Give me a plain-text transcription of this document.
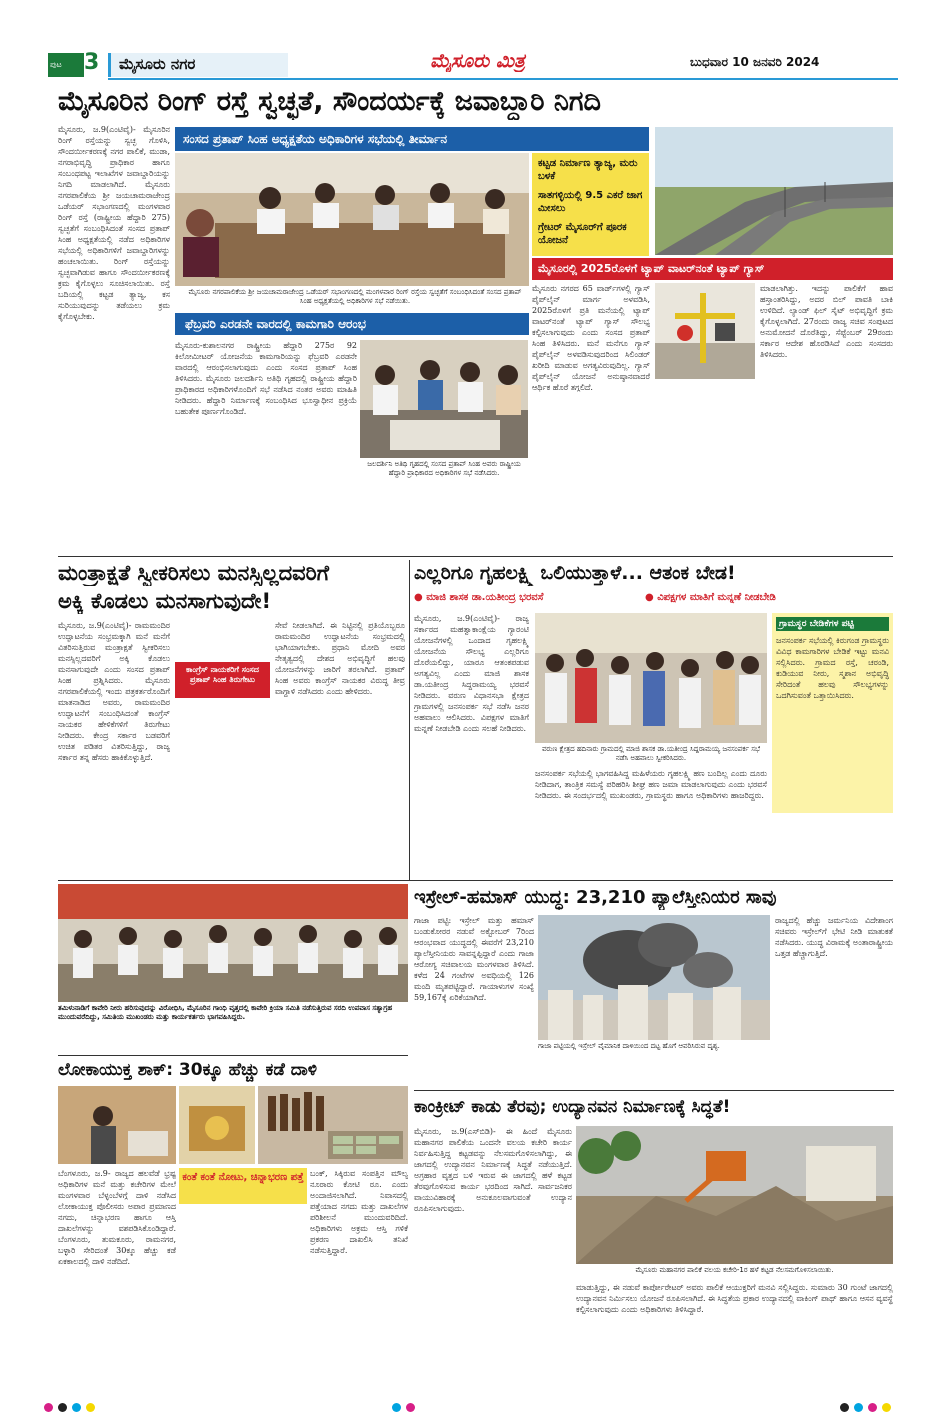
ಪುಟ	3	ಮೈಸೂರು ನಗರ	ಮೈಸೂರು ಮಿತ್ರ	ಬುಧವಾರ 10 ಜನವರಿ 2024
ಮೈಸೂರಿನ ರಿಂಗ್ ರಸ್ತೆ ಸ್ವಚ್ಛತೆ, ಸೌಂದರ್ಯಕ್ಕೆ ಜವಾಬ್ದಾರಿ ನಿಗದಿ
ಮೈಸೂರು, ಜ.9(ಎಂಟಿವೈ)- ಮೈಸೂರಿನ ರಿಂಗ್ ರಸ್ತೆಯನ್ನು ಸ್ವಚ್ಛ ಗೊಳಿಸಿ, ಸೌಂದರ್ಯೀಕರಣಕ್ಕೆ ನಗರ ಪಾಲಿಕೆ, ಮುಡಾ, ನಗರಾಭಿವೃದ್ಧಿ ಪ್ರಾಧಿಕಾರ ಹಾಗೂ ಸಂಬಂಧಪಟ್ಟ ಇಲಾಖೆಗಳ ಜವಾಬ್ದಾರಿಯನ್ನು ನಿಗದಿ ಮಾಡಲಾಗಿದೆ. ಮೈಸೂರು ನಗರಪಾಲಿಕೆಯ ಶ್ರೀ ಜಯಚಾಮರಾಜೇಂದ್ರ ಒಡೆಯರ್ ಸಭಾಂಗಣದಲ್ಲಿ ಮಂಗಳವಾರ ರಿಂಗ್ ರಸ್ತೆ (ರಾಷ್ಟ್ರೀಯ ಹೆದ್ದಾರಿ 275) ಸ್ವಚ್ಛತೆಗೆ ಸಂಬಂಧಿಸಿದಂತೆ ಸಂಸದ ಪ್ರತಾಪ್ ಸಿಂಹ ಅಧ್ಯಕ್ಷತೆಯಲ್ಲಿ ನಡೆದ ಅಧಿಕಾರಿಗಳ ಸಭೆಯಲ್ಲಿ ಅಧಿಕಾರಿಗಳಿಗೆ ಜವಾಬ್ದಾರಿಗಳನ್ನು ಹಂಚಲಾಯಿತು. ರಿಂಗ್ ರಸ್ತೆಯನ್ನು ಸ್ವಚ್ಛವಾಗಿಡುವ ಹಾಗೂ ಸೌಂದರ್ಯೀಕರಣಕ್ಕೆ ಕ್ರಮ ಕೈಗೊಳ್ಳಲು ಸೂಚಿಸಲಾಯಿತು. ರಸ್ತೆ ಬದಿಯಲ್ಲಿ ಕಟ್ಟಡ ತ್ಯಾಜ್ಯ, ಕಸ ಸುರಿಯುವುದನ್ನು ತಡೆಯಲು ಕ್ರಮ ಕೈಗೊಳ್ಳಬೇಕು.
ಸಂಸದ ಪ್ರತಾಪ್ ಸಿಂಹ ಅಧ್ಯಕ್ಷತೆಯ ಅಧಿಕಾರಿಗಳ ಸಭೆಯಲ್ಲಿ ತೀರ್ಮಾನ
ಮೈಸೂರು ನಗರಪಾಲಿಕೆಯ ಶ್ರೀ ಜಯಚಾಮರಾಜೇಂದ್ರ ಒಡೆಯರ್ ಸಭಾಂಗಣದಲ್ಲಿ ಮಂಗಳವಾರ ರಿಂಗ್ ರಸ್ತೆಯ ಸ್ವಚ್ಛತೆಗೆ ಸಂಬಂಧಿಸಿದಂತೆ ಸಂಸದ ಪ್ರತಾಪ್ ಸಿಂಹ ಅಧ್ಯಕ್ಷತೆಯಲ್ಲಿ ಅಧಿಕಾರಿಗಳ ಸಭೆ ನಡೆಯಿತು.
ಕಟ್ಟಡ ನಿರ್ಮಾಣ ತ್ಯಾಜ್ಯ, ಮರು ಬಳಕೆ
ಸಾತಗಳ್ಳಿಯಲ್ಲಿ 9.5 ಎಕರೆ ಜಾಗ ಮೀಸಲು
ಗ್ರೇಟರ್ ಮೈಸೂರ್‌ಗೆ ಪೂರಕ ಯೋಜನೆ
ಮೈಸೂರಲ್ಲಿ 2025ರೊಳಗೆ ಟ್ಯಾಪ್ ವಾಟರ್‌ನಂತೆ ಟ್ಯಾಪ್ ಗ್ಯಾಸ್
ಫೆಬ್ರವರಿ ಎರಡನೇ ವಾರದಲ್ಲಿ ಕಾಮಗಾರಿ ಆರಂಭ
ಮೈಸೂರು-ಕುಶಾಲನಗರ ರಾಷ್ಟ್ರೀಯ ಹೆದ್ದಾರಿ 275ರ 92 ಕಿಲೋಮೀಟರ್ ಯೋಜನೆಯ ಕಾಮಗಾರಿಯನ್ನು ಫೆಬ್ರವರಿ ಎರಡನೇ ವಾರದಲ್ಲಿ ಆರಂಭಿಸಲಾಗುವುದು ಎಂದು ಸಂಸದ ಪ್ರತಾಪ್ ಸಿಂಹ ತಿಳಿಸಿದರು. ಮೈಸೂರು ಜಲದರ್ಶಿನಿ ಅತಿಥಿ ಗೃಹದಲ್ಲಿ ರಾಷ್ಟ್ರೀಯ ಹೆದ್ದಾರಿ ಪ್ರಾಧಿಕಾರದ ಅಧಿಕಾರಿಗಳೊಂದಿಗೆ ಸಭೆ ನಡೆಸಿದ ನಂತರ ಅವರು ಮಾಹಿತಿ ನೀಡಿದರು. ಹೆದ್ದಾರಿ ನಿರ್ಮಾಣಕ್ಕೆ ಸಂಬಂಧಿಸಿದ ಭೂಸ್ವಾಧೀನ ಪ್ರಕ್ರಿಯೆ ಬಹುತೇಕ ಪೂರ್ಣಗೊಂಡಿದೆ.
ಜಲದರ್ಶಿನಿ ಅತಿಥಿ ಗೃಹದಲ್ಲಿ ಸಂಸದ ಪ್ರತಾಪ್ ಸಿಂಹ ಅವರು ರಾಷ್ಟ್ರೀಯ ಹೆದ್ದಾರಿ ಪ್ರಾಧಿಕಾರದ ಅಧಿಕಾರಿಗಳ ಸಭೆ ನಡೆಸಿದರು.
ಮೈಸೂರು ನಗರದ 65 ವಾರ್ಡ್‌ಗಳಲ್ಲಿ ಗ್ಯಾಸ್ ಪೈಪ್‌ಲೈನ್ ಮಾರ್ಗ ಅಳವಡಿಸಿ, 2025ರೊಳಗೆ ಪ್ರತಿ ಮನೆಯಲ್ಲಿ ಟ್ಯಾಪ್ ವಾಟರ್‌ನಂತೆ ಟ್ಯಾಪ್ ಗ್ಯಾಸ್ ಸೌಲಭ್ಯ ಕಲ್ಪಿಸಲಾಗುವುದು ಎಂದು ಸಂಸದ ಪ್ರತಾಪ್ ಸಿಂಹ ತಿಳಿಸಿದರು. ಮನೆ ಮನೆಗೂ ಗ್ಯಾಸ್ ಪೈಪ್‌ಲೈನ್ ಅಳವಡಿಸುವುದರಿಂದ ಸಿಲಿಂಡರ್ ಖರೀದಿ ಮಾಡುವ ಅಗತ್ಯವಿರುವುದಿಲ್ಲ. ಗ್ಯಾಸ್ ಪೈಪ್‌ಲೈನ್ ಯೋಜನೆ ಅನುಷ್ಠಾನವಾದರೆ ಆರ್ಥಿಕ ಹೊರೆ ತಗ್ಗಲಿದೆ.
ಮಾಡಲಾಗಿತ್ತು. ಇದನ್ನು ಪಾಲಿಕೆಗೆ ಹಾವ ಹಸ್ತಾಂತರಿಸಿದ್ದು, ಅದರ ಬಿಲ್ ಪಾವತಿ ಬಾಕಿ ಉಳಿದಿದೆ. ಲ್ಯಾಂಡ್ ಫಿಲ್ ಸೈಟ್ ಅಭಿವೃದ್ಧಿಗೆ ಕ್ರಮ ಕೈಗೊಳ್ಳಲಾಗಿದೆ. 27ರಂದು ರಾಜ್ಯ ಸಚಿವ ಸಂಪುಟದ ಅನುಮೋದನೆ ದೊರೆತಿದ್ದು, ಸೆಪ್ಟೆಂಬರ್ 29ರಂದು ಸರ್ಕಾರ ಆದೇಶ ಹೊರಡಿಸಿದೆ ಎಂದು ಸಂಸದರು ತಿಳಿಸಿದರು.
ಮಂತ್ರಾಕ್ಷತೆ ಸ್ವೀಕರಿಸಲು ಮನಸ್ಸಿಲ್ಲದವರಿಗೆ
ಅಕ್ಕಿ ಕೊಡಲು ಮನಸಾಗುವುದೇ!
ಮೈಸೂರು, ಜ.9(ಎಂಟಿವೈ)- ರಾಮಮಂದಿರ ಉದ್ಘಾಟನೆಯ ಸಂಭ್ರಮಕ್ಕಾಗಿ ಮನೆ ಮನೆಗೆ ವಿತರಿಸುತ್ತಿರುವ ಮಂತ್ರಾಕ್ಷತೆ ಸ್ವೀಕರಿಸಲು ಮನಸ್ಸಿಲ್ಲದವರಿಗೆ ಅಕ್ಕಿ ಕೊಡಲು ಮನಸಾಗುವುದೇ ಎಂದು ಸಂಸದ ಪ್ರತಾಪ್ ಸಿಂಹ ಪ್ರಶ್ನಿಸಿದರು. ಮೈಸೂರು ನಗರಪಾಲಿಕೆಯಲ್ಲಿ ಇಂದು ಪತ್ರಕರ್ತರೊಂದಿಗೆ ಮಾತನಾಡಿದ ಅವರು, ರಾಮಮಂದಿರ ಉದ್ಘಾಟನೆಗೆ ಸಂಬಂಧಿಸಿದಂತೆ ಕಾಂಗ್ರೆಸ್ ನಾಯಕರ ಹೇಳಿಕೆಗಳಿಗೆ ತಿರುಗೇಟು ನೀಡಿದರು. ಕೇಂದ್ರ ಸರ್ಕಾರ ಬಡವರಿಗೆ ಉಚಿತ ಪಡಿತರ ವಿತರಿಸುತ್ತಿದ್ದು, ರಾಜ್ಯ ಸರ್ಕಾರ ತನ್ನ ಹೆಸರು ಹಾಕಿಕೊಳ್ಳುತ್ತಿದೆ.
ಕಾಂಗ್ರೆಸ್ ನಾಯಕರಿಗೆ ಸಂಸದ ಪ್ರತಾಪ್ ಸಿಂಹ ತಿರುಗೇಟು
ಸೇವೆ ನೀಡಲಾಗಿದೆ. ಈ ನಿಟ್ಟಿನಲ್ಲಿ ಪ್ರತಿಯೊಬ್ಬರೂ ರಾಮಮಂದಿರ ಉದ್ಘಾಟನೆಯ ಸಂಭ್ರಮದಲ್ಲಿ ಭಾಗಿಯಾಗಬೇಕು. ಪ್ರಧಾನಿ ಮೋದಿ ಅವರ ನೇತೃತ್ವದಲ್ಲಿ ದೇಶದ ಅಭಿವೃದ್ಧಿಗೆ ಹಲವು ಯೋಜನೆಗಳನ್ನು ಜಾರಿಗೆ ತರಲಾಗಿದೆ. ಪ್ರತಾಪ್ ಸಿಂಹ ಅವರು ಕಾಂಗ್ರೆಸ್ ನಾಯಕರ ವಿರುದ್ಧ ತೀವ್ರ ವಾಗ್ದಾಳಿ ನಡೆಸಿದರು ಎಂದು ಹೇಳಿದರು.
ಎಲ್ಲರಿಗೂ ಗೃಹಲಕ್ಷ್ಮಿ ಒಲಿಯುತ್ತಾಳೆ... ಆತಂಕ ಬೇಡ!
● ಮಾಜಿ ಶಾಸಕ ಡಾ.ಯತೀಂದ್ರ ಭರವಸೆ	● ವಿಪಕ್ಷಗಳ ಮಾತಿಗೆ ಮನ್ನಣೆ ನೀಡಬೇಡಿ
ಮೈಸೂರು, ಜ.9(ಎಂಟಿವೈ)- ರಾಜ್ಯ ಸರ್ಕಾರದ ಮಹತ್ವಾಕಾಂಕ್ಷೆಯ ಗ್ಯಾರಂಟಿ ಯೋಜನೆಗಳಲ್ಲಿ ಒಂದಾದ ಗೃಹಲಕ್ಷ್ಮಿ ಯೋಜನೆಯ ಸೌಲಭ್ಯ ಎಲ್ಲರಿಗೂ ದೊರೆಯಲಿದ್ದು, ಯಾರೂ ಆತಂಕಪಡುವ ಅಗತ್ಯವಿಲ್ಲ ಎಂದು ಮಾಜಿ ಶಾಸಕ ಡಾ.ಯತೀಂದ್ರ ಸಿದ್ದರಾಮಯ್ಯ ಭರವಸೆ ನೀಡಿದರು. ವರುಣ ವಿಧಾನಸಭಾ ಕ್ಷೇತ್ರದ ಗ್ರಾಮಗಳಲ್ಲಿ ಜನಸಂಪರ್ಕ ಸಭೆ ನಡೆಸಿ ಜನರ ಅಹವಾಲು ಆಲಿಸಿದರು. ವಿಪಕ್ಷಗಳ ಮಾತಿಗೆ ಮನ್ನಣೆ ನೀಡಬೇಡಿ ಎಂದು ಸಲಹೆ ನೀಡಿದರು.
ವರುಣ ಕ್ಷೇತ್ರದ ಹದಿನಾರು ಗ್ರಾಮದಲ್ಲಿ ಮಾಜಿ ಶಾಸಕ ಡಾ.ಯತೀಂದ್ರ ಸಿದ್ದರಾಮಯ್ಯ ಜನಸಂಪರ್ಕ ಸಭೆ ನಡೆಸಿ ಅಹವಾಲು ಸ್ವೀಕರಿಸಿದರು.
ಜನಸಂಪರ್ಕ ಸಭೆಯಲ್ಲಿ ಭಾಗವಹಿಸಿದ್ದ ಮಹಿಳೆಯರು ಗೃಹಲಕ್ಷ್ಮಿ ಹಣ ಬಂದಿಲ್ಲ ಎಂದು ದೂರು ನೀಡಿದಾಗ, ತಾಂತ್ರಿಕ ಸಮಸ್ಯೆ ಪರಿಹರಿಸಿ ಶೀಘ್ರ ಹಣ ಜಮಾ ಮಾಡಲಾಗುವುದು ಎಂದು ಭರವಸೆ ನೀಡಿದರು. ಈ ಸಂದರ್ಭದಲ್ಲಿ ಮುಖಂಡರು, ಗ್ರಾಮಸ್ಥರು ಹಾಗೂ ಅಧಿಕಾರಿಗಳು ಹಾಜರಿದ್ದರು.
ಗ್ರಾಮಸ್ಥರ ಬೇಡಿಕೆಗಳ ಪಟ್ಟಿ
ಜನಸಂಪರ್ಕ ಸಭೆಯಲ್ಲಿ ಕಿರುಗಂಡ ಗ್ರಾಮಸ್ಥರು ವಿವಿಧ ಕಾಮಗಾರಿಗಳ ಬೇಡಿಕೆ ಇಟ್ಟು ಮನವಿ ಸಲ್ಲಿಸಿದರು. ಗ್ರಾಮದ ರಸ್ತೆ, ಚರಂಡಿ, ಕುಡಿಯುವ ನೀರು, ಸ್ಮಶಾನ ಅಭಿವೃದ್ಧಿ ಸೇರಿದಂತೆ ಹಲವು ಸೌಲಭ್ಯಗಳನ್ನು ಒದಗಿಸುವಂತೆ ಒತ್ತಾಯಿಸಿದರು.
ತಮಿಳುನಾಡಿಗೆ ಕಾವೇರಿ ನೀರು ಹರಿಸುವುದನ್ನು ವಿರೋಧಿಸಿ, ಮೈಸೂರಿನ ಗಾಂಧಿ ವೃತ್ತದಲ್ಲಿ ಕಾವೇರಿ ಕ್ರಿಯಾ ಸಮಿತಿ ನಡೆಸುತ್ತಿರುವ ಸರದಿ ಉಪವಾಸ ಸತ್ಯಾಗ್ರಹ ಮುಂದುವರೆದಿದ್ದು, ಸಮಿತಿಯ ಮುಖಂಡರು ಮತ್ತು ಕಾರ್ಯಕರ್ತರು ಭಾಗವಹಿಸಿದ್ದರು.
ಇಸ್ರೇಲ್-ಹಮಾಸ್ ಯುದ್ಧ: 23,210 ಪ್ಯಾಲೆಸ್ತೀನಿಯರ ಸಾವು
ಗಾಜಾ ಪಟ್ಟಿ: ಇಸ್ರೇಲ್ ಮತ್ತು ಹಮಾಸ್ ಬಂಡುಕೋರರ ನಡುವೆ ಅಕ್ಟೋಬರ್ 7ರಿಂದ ಆರಂಭವಾದ ಯುದ್ಧದಲ್ಲಿ ಈವರೆಗೆ 23,210 ಪ್ಯಾಲೆಸ್ತೀನಿಯರು ಸಾವನ್ನಪ್ಪಿದ್ದಾರೆ ಎಂದು ಗಾಜಾ ಆರೋಗ್ಯ ಸಚಿವಾಲಯ ಮಂಗಳವಾರ ತಿಳಿಸಿದೆ. ಕಳೆದ 24 ಗಂಟೆಗಳ ಅವಧಿಯಲ್ಲಿ 126 ಮಂದಿ ಮೃತಪಟ್ಟಿದ್ದಾರೆ. ಗಾಯಾಳುಗಳ ಸಂಖ್ಯೆ 59,167ಕ್ಕೆ ಏರಿಕೆಯಾಗಿದೆ.
ಗಾಜಾ ಪಟ್ಟಿಯಲ್ಲಿ ಇಸ್ರೇಲ್ ವೈಮಾನಿಕ ದಾಳಿಯಿಂದ ದಟ್ಟ ಹೊಗೆ ಆವರಿಸಿರುವ ದೃಶ್ಯ.
ರಾಜ್ಯದಲ್ಲಿ ಹೆಚ್ಚು ಜರ್ಮನಿಯ ವಿದೇಶಾಂಗ ಸಚಿವರು ಇಸ್ರೇಲ್‌ಗೆ ಭೇಟಿ ನೀಡಿ ಮಾತುಕತೆ ನಡೆಸಿದರು. ಯುದ್ಧ ವಿರಾಮಕ್ಕೆ ಅಂತಾರಾಷ್ಟ್ರೀಯ ಒತ್ತಡ ಹೆಚ್ಚಾಗುತ್ತಿದೆ.
ಲೋಕಾಯುಕ್ತ ಶಾಕ್: 30ಕ್ಕೂ ಹೆಚ್ಚು ಕಡೆ ದಾಳಿ
ಬೆಂಗಳೂರು, ಜ.9- ರಾಜ್ಯದ ಹಲವೆಡೆ ಭ್ರಷ್ಟ ಅಧಿಕಾರಿಗಳ ಮನೆ ಮತ್ತು ಕಚೇರಿಗಳ ಮೇಲೆ ಮಂಗಳವಾರ ಬೆಳ್ಳಂಬೆಳಗ್ಗೆ ದಾಳಿ ನಡೆಸಿದ ಲೋಕಾಯುಕ್ತ ಪೊಲೀಸರು ಅಪಾರ ಪ್ರಮಾಣದ ನಗದು, ಚಿನ್ನಾಭರಣ ಹಾಗೂ ಆಸ್ತಿ ದಾಖಲೆಗಳನ್ನು ವಶಪಡಿಸಿಕೊಂಡಿದ್ದಾರೆ. ಬೆಂಗಳೂರು, ತುಮಕೂರು, ರಾಮನಗರ, ಬಳ್ಳಾರಿ ಸೇರಿದಂತೆ 30ಕ್ಕೂ ಹೆಚ್ಚು ಕಡೆ ಏಕಕಾಲದಲ್ಲಿ ದಾಳಿ ನಡೆದಿದೆ.
ಕಂತೆ ಕಂತೆ ನೋಟು, ಚಿನ್ನಾಭರಣ ಪತ್ತೆ ಬಂಕ್, ಸಿಕ್ಕಿರುವ ಸಂಪತ್ತಿನ ಮೌಲ್ಯ ನೂರಾರು ಕೋಟಿ ರೂ. ಎಂದು ಅಂದಾಜಿಸಲಾಗಿದೆ. ನಿವಾಸದಲ್ಲಿ ಪತ್ತೆಯಾದ ನಗದು ಮತ್ತು ದಾಖಲೆಗಳ ಪರಿಶೀಲನೆ ಮುಂದುವರಿದಿದೆ. ಅಧಿಕಾರಿಗಳು ಅಕ್ರಮ ಆಸ್ತಿ ಗಳಿಕೆ ಪ್ರಕರಣ ದಾಖಲಿಸಿ ತನಿಖೆ ನಡೆಸುತ್ತಿದ್ದಾರೆ.
ಕಾಂಕ್ರೀಟ್ ಕಾಡು ತೆರವು; ಉದ್ಯಾನವನ ನಿರ್ಮಾಣಕ್ಕೆ ಸಿದ್ಧತೆ!
ಮೈಸೂರು, ಜ.9(ಎಸ್‌ಬಿಡಿ)- ಈ ಹಿಂದೆ ಮೈಸೂರು ಮಹಾನಗರ ಪಾಲಿಕೆಯ ಒಂದನೇ ವಲಯ ಕಚೇರಿ ಕಾರ್ಯ ನಿರ್ವಹಿಸುತ್ತಿದ್ದ ಕಟ್ಟಡವನ್ನು ನೆಲಸಮಗೊಳಿಸಲಾಗಿದ್ದು, ಈ ಜಾಗದಲ್ಲಿ ಉದ್ಯಾನವನ ನಿರ್ಮಾಣಕ್ಕೆ ಸಿದ್ಧತೆ ನಡೆಯುತ್ತಿದೆ. ಅಗ್ರಹಾರ ವೃತ್ತದ ಬಳಿ ಇರುವ ಈ ಜಾಗದಲ್ಲಿ ಹಳೆ ಕಟ್ಟಡ ತೆರವುಗೊಳಿಸುವ ಕಾರ್ಯ ಭರದಿಂದ ಸಾಗಿದೆ. ಸಾರ್ವಜನಿಕರ ವಾಯುವಿಹಾರಕ್ಕೆ ಅನುಕೂಲವಾಗುವಂತೆ ಉದ್ಯಾನ ರೂಪಿಸಲಾಗುವುದು.
ಮೈಸೂರು ಮಹಾನಗರ ಪಾಲಿಕೆ ವಲಯ ಕಚೇರಿ-1ರ ಹಳೆ ಕಟ್ಟಡ ನೆಲಸಮಗೊಳಿಸಲಾಯಿತು.
ಮಾಡುತ್ತಿದ್ದು, ಈ ನಡುವೆ ಕಾರ್ಪೋರೇಟರ್ ಅವರು ಪಾಲಿಕೆ ಆಯುಕ್ತರಿಗೆ ಮನವಿ ಸಲ್ಲಿಸಿದ್ದರು. ಸುಮಾರು 30 ಗುಂಟೆ ಜಾಗದಲ್ಲಿ ಉದ್ಯಾನವನ ನಿರ್ಮಿಸಲು ಯೋಜನೆ ರೂಪಿಸಲಾಗಿದೆ. ಈ ಸಿದ್ಧತೆಯ ಪ್ರಕಾರ ಉದ್ಯಾನದಲ್ಲಿ ವಾಕಿಂಗ್ ಪಾಥ್ ಹಾಗೂ ಆಸನ ವ್ಯವಸ್ಥೆ ಕಲ್ಪಿಸಲಾಗುವುದು ಎಂದು ಅಧಿಕಾರಿಗಳು ತಿಳಿಸಿದ್ದಾರೆ.
